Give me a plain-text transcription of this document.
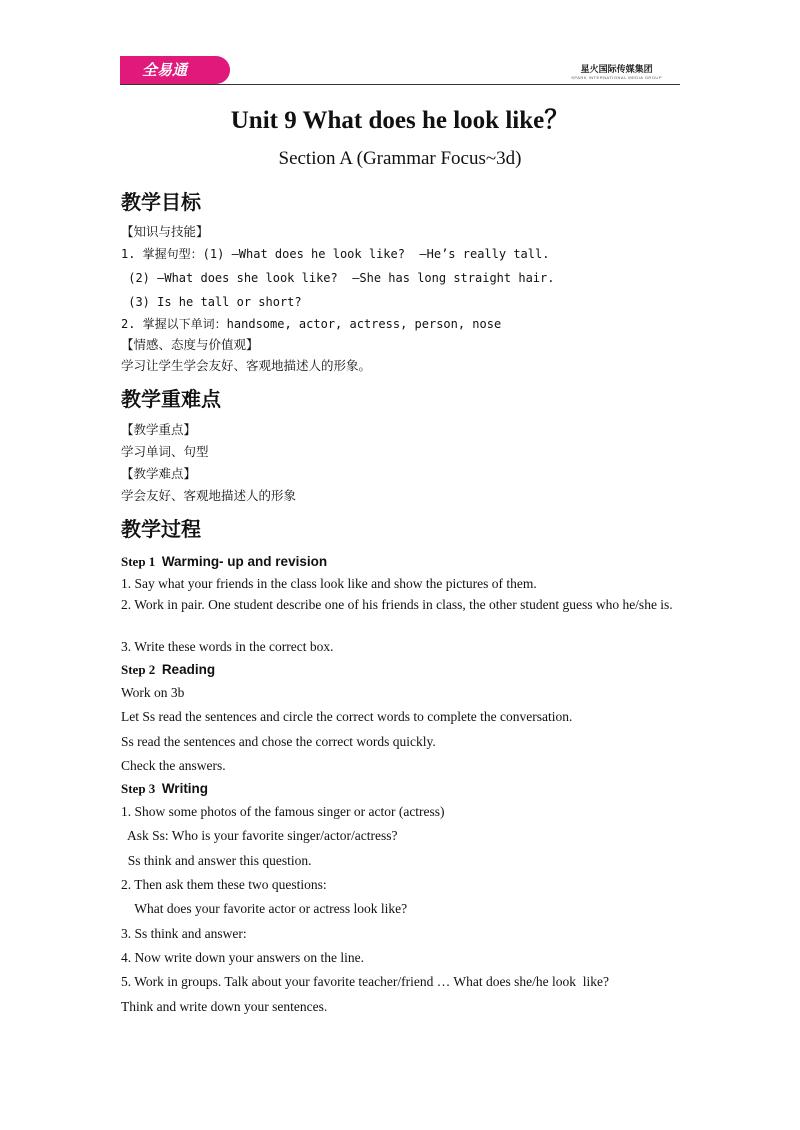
全易通	星火国际传媒集团
SPARK INTERNATIONAL MEDIA GROUP
Unit 9 What does he look like？
Section A (Grammar Focus~3d)
教学目标
【知识与技能】
1. 掌握句型：(1) —What does he look like?  —He’s really tall.
(2) —What does she look like?  —She has long straight hair.
(3) Is he tall or short?
2. 掌握以下单词：handsome, actor, actress, person, nose
【情感、态度与价值观】
学习让学生学会友好、客观地描述人的形象。
教学重难点
【教学重点】
学习单词、句型
【教学难点】
学会友好、客观地描述人的形象
教学过程
Step 1 Warming- up and revision

1. Say what your friends in the class look like and show the pictures of them.

2. Work in pair. One student describe one of his friends in class, the other student guess who he/she is.

3. Write these words in the correct box.

Step 2 Reading

Work on 3b

Let Ss read the sentences and circle the correct words to complete the conversation.

Ss read the sentences and chose the correct words quickly.

Check the answers.

Step 3 Writing

1. Show some photos of the famous singer or actor (actress)

Ask Ss: Who is your favorite singer/actor/actress?

Ss think and answer this question.

2. Then ask them these two questions:

What does your favorite actor or actress look like?

3. Ss think and answer:

4. Now write down your answers on the line.

5. Work in groups. Talk about your favorite teacher/friend … What does she/he look  like?

Think and write down your sentences.
